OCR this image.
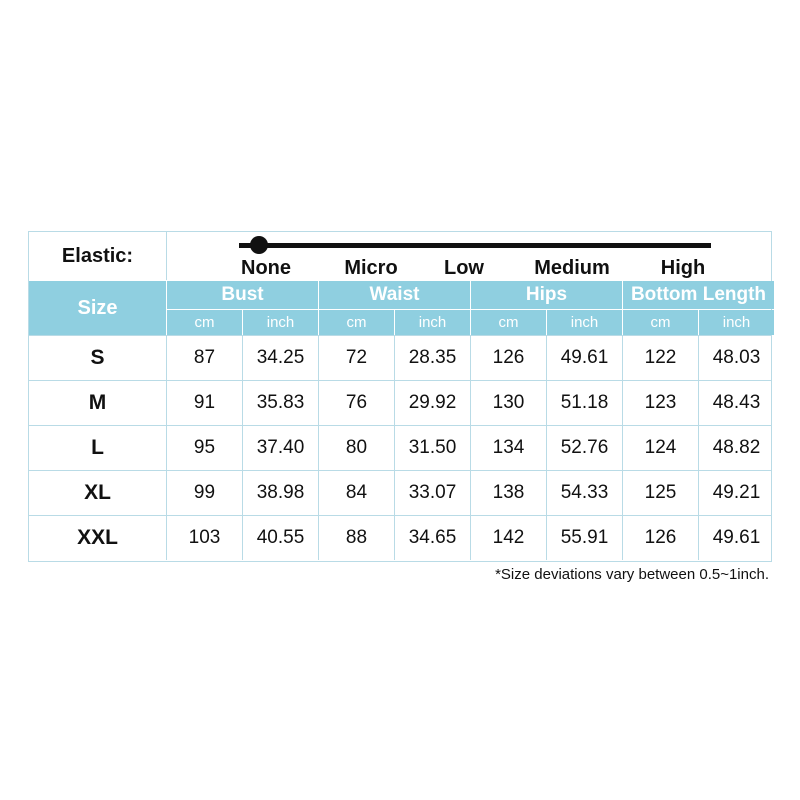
Elastic:
None	Micro Low	Medium	High
Size
Bust
cm	inch
Waist
cm	inch
Hips
cm	inch
Bottom Length
cm	inch
S	87	34.25	72	28.35	126	49.61	122	48.03
M	91	35.83	76	29.92	130	51.18	123	48.43
L	95	37.40	80	31.50	134	52.76	124	48.82
XL	99	38.98	84	33.07	138	54.33	125	49.21
XXL	103	40.55	88	34.65	142	55.91	126	49.61
*Size deviations vary between 0.5~1inch.
